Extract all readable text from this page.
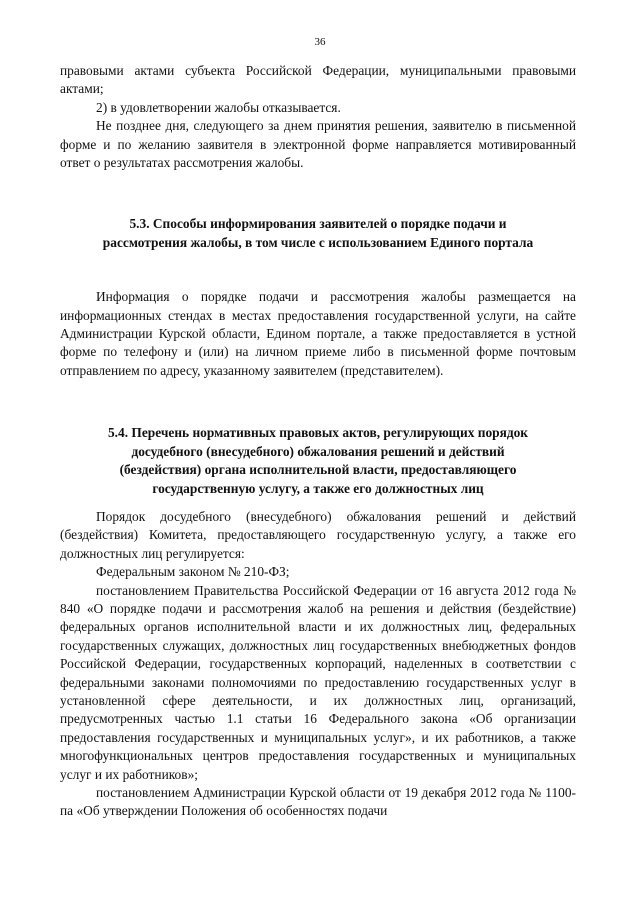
36

правовыми актами субъекта Российской Федерации, муниципальными правовыми актами;

2) в удовлетворении жалобы отказывается.

Не позднее дня, следующего за днем принятия решения, заявителю в письменной форме и по желанию заявителя в электронной форме направляется мотивированный ответ о результатах рассмотрения жалобы.

5.3. Способы информирования заявителей о порядке подачи и
рассмотрения жалобы, в том числе с использованием Единого портала

Информация о порядке подачи и рассмотрения жалобы размещается на информационных стендах в местах предоставления государственной услуги, на сайте Администрации Курской области, Едином портале, а также предоставляется в устной форме по телефону и (или) на личном приеме либо в письменной форме почтовым отправлением по адресу, указанному заявителем (представителем).

5.4. Перечень нормативных правовых актов, регулирующих порядок
досудебного (внесудебного) обжалования решений и действий
(бездействия) органа исполнительной власти, предоставляющего
государственную услугу, а также его должностных лиц

Порядок досудебного (внесудебного) обжалования решений и действий (бездействия) Комитета, предоставляющего государственную услугу, а также его должностных лиц регулируется:

Федеральным законом № 210-ФЗ;

постановлением Правительства Российской Федерации от 16 августа 2012 года № 840 «О порядке подачи и рассмотрения жалоб на решения и действия (бездействие) федеральных органов исполнительной власти и их должностных лиц, федеральных государственных служащих, должностных лиц государственных внебюджетных фондов Российской Федерации, государственных корпораций, наделенных в соответствии с федеральными законами полномочиями по предоставлению государственных услуг в установленной сфере деятельности, и их должностных лиц, организаций, предусмотренных частью 1.1 статьи 16 Федерального закона «Об организации предоставления государственных и муниципальных услуг», и их работников, а также многофункциональных центров предоставления государственных и муниципальных услуг и их работников»;

постановлением Администрации Курской области от 19 декабря 2012 года № 1100-па «Об утверждении Положения об особенностях подачи
